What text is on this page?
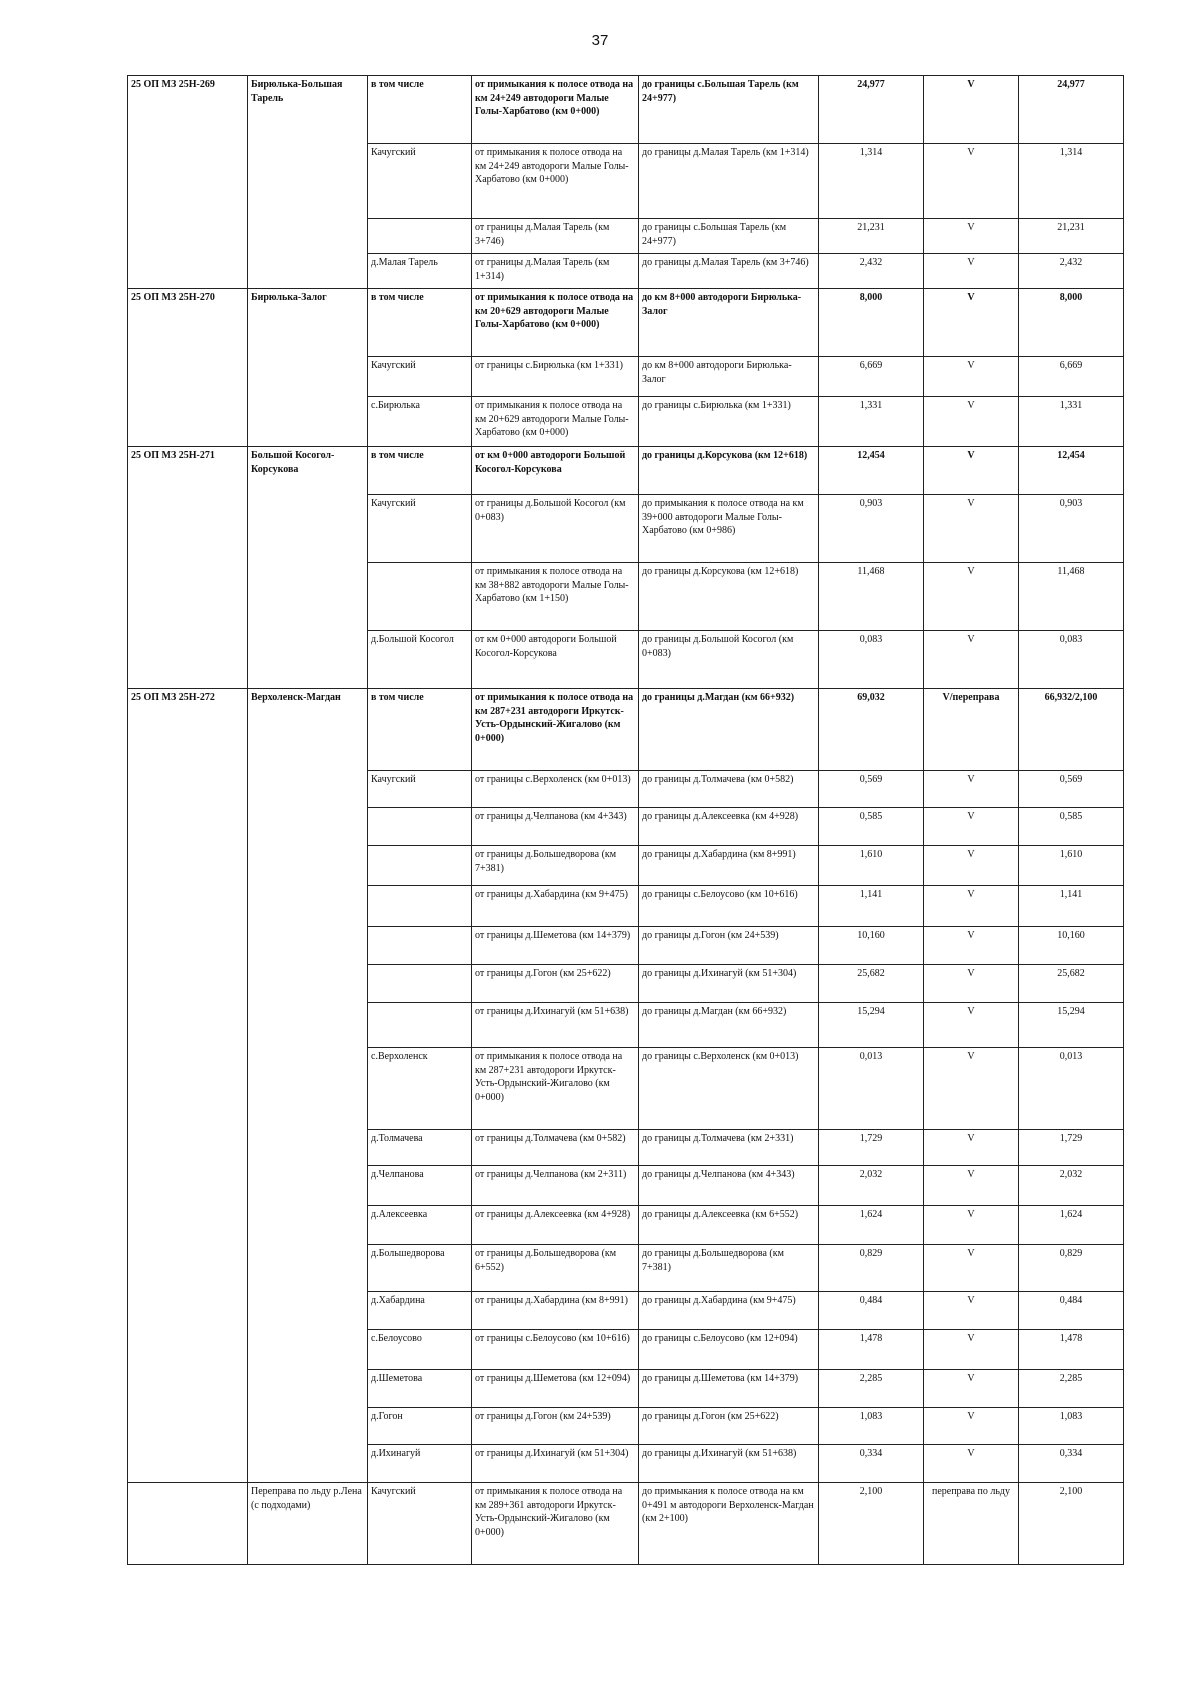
37
25 ОП МЗ 25Н-269	Бирюлька-Большая Тарель	в том числе	от примыкания к полосе отвода на км 24+249 автодороги Малые Голы-Харбатово (км 0+000)	до границы с.Большая Тарель (км 24+977)	24,977	V	24,977
		Качугский	от примыкания к полосе отвода на км 24+249 автодороги Малые Голы-Харбатово (км 0+000)	до границы д.Малая Тарель (км 1+314)	1,314	V	1,314
			от границы д.Малая Тарель (км 3+746)	до границы с.Большая Тарель (км 24+977)	21,231	V	21,231
		д.Малая Тарель	от границы д.Малая Тарель (км 1+314)	до границы д.Малая Тарель (км 3+746)	2,432	V	2,432
25 ОП МЗ 25Н-270	Бирюлька-Залог	в том числе	от примыкания к полосе отвода на км 20+629 автодороги Малые Голы-Харбатово (км 0+000)	до км 8+000 автодороги Бирюлька-Залог	8,000	V	8,000
		Качугский	от границы с.Бирюлька (км 1+331)	до км 8+000 автодороги Бирюлька-Залог	6,669	V	6,669
		с.Бирюлька	от примыкания к полосе отвода на км 20+629 автодороги Малые Голы-Харбатово (км 0+000)	до границы с.Бирюлька (км 1+331)	1,331	V	1,331
25 ОП МЗ 25Н-271	Большой Косогол-Корсукова	в том числе	от км 0+000 автодороги Большой Косогол-Корсукова	до границы д.Корсукова (км 12+618)	12,454	V	12,454
		Качугский	от границы д.Большой Косогол (км 0+083)	до примыкания к полосе отвода на км 39+000 автодороги Малые Голы-Харбатово (км 0+986)	0,903	V	0,903
			от примыкания к полосе отвода на км 38+882 автодороги Малые Голы-Харбатово (км 1+150)	до границы д.Корсукова (км 12+618)	11,468	V	11,468
		д.Большой Косогол	от км 0+000 автодороги Большой Косогол-Корсукова	до границы д.Большой Косогол (км 0+083)	0,083	V	0,083
25 ОП МЗ 25Н-272	Верхоленск-Магдан	в том числе	от примыкания к полосе отвода на км 287+231 автодороги Иркутск-Усть-Ордынский-Жигалово (км 0+000)	до границы д.Магдан (км 66+932)	69,032	V/переправа	66,932/2,100
		Качугский	от границы с.Верхоленск (км 0+013)	до границы д.Толмачева (км 0+582)	0,569	V	0,569
			от границы д.Челпанова (км 4+343)	до границы д.Алексеевка (км 4+928)	0,585	V	0,585
			от границы д.Большедворова (км 7+381)	до границы д.Хабардина (км 8+991)	1,610	V	1,610
			от границы д.Хабардина (км 9+475)	до границы с.Белоусово (км 10+616)	1,141	V	1,141
			от границы д.Шеметова (км 14+379)	до границы д.Гогон (км 24+539)	10,160	V	10,160
			от границы д.Гогон (км 25+622)	до границы д.Ихинагуй (км 51+304)	25,682	V	25,682
			от границы д.Ихинагуй (км 51+638)	до границы д.Магдан (км 66+932)	15,294	V	15,294
		с.Верхоленск	от примыкания к полосе отвода на км 287+231 автодороги Иркутск-Усть-Ордынский-Жигалово (км 0+000)	до границы с.Верхоленск (км 0+013)	0,013	V	0,013
		д.Толмачева	от границы д.Толмачева (км 0+582)	до границы д.Толмачева (км 2+331)	1,729	V	1,729
		д.Челпанова	от границы д.Челпанова (км 2+311)	до границы д.Челпанова (км 4+343)	2,032	V	2,032
		д.Алексеевка	от границы д.Алексеевка (км 4+928)	до границы д.Алексеевка (км 6+552)	1,624	V	1,624
		д.Большедворова	от границы д.Большедворова (км 6+552)	до границы д.Большедворова (км 7+381)	0,829	V	0,829
		д.Хабардина	от границы д.Хабардина (км 8+991)	до границы д.Хабардина (км 9+475)	0,484	V	0,484
		с.Белоусово	от границы с.Белоусово (км 10+616)	до границы с.Белоусово (км 12+094)	1,478	V	1,478
		д.Шеметова	от границы д.Шеметова (км 12+094)	до границы д.Шеметова (км 14+379)	2,285	V	2,285
		д.Гогон	от границы д.Гогон (км 24+539)	до границы д.Гогон (км 25+622)	1,083	V	1,083
		д.Ихинагуй	от границы д.Ихинагуй (км 51+304)	до границы д.Ихинагуй (км 51+638)	0,334	V	0,334
	Переправа по льду р.Лена (с подходами)	Качугский	от примыкания к полосе отвода на км 289+361 автодороги Иркутск-Усть-Ордынский-Жигалово (км 0+000)	до примыкания к полосе отвода на км 0+491 м автодороги Верхоленск-Магдан (км 2+100)	2,100	переправа по льду	2,100
